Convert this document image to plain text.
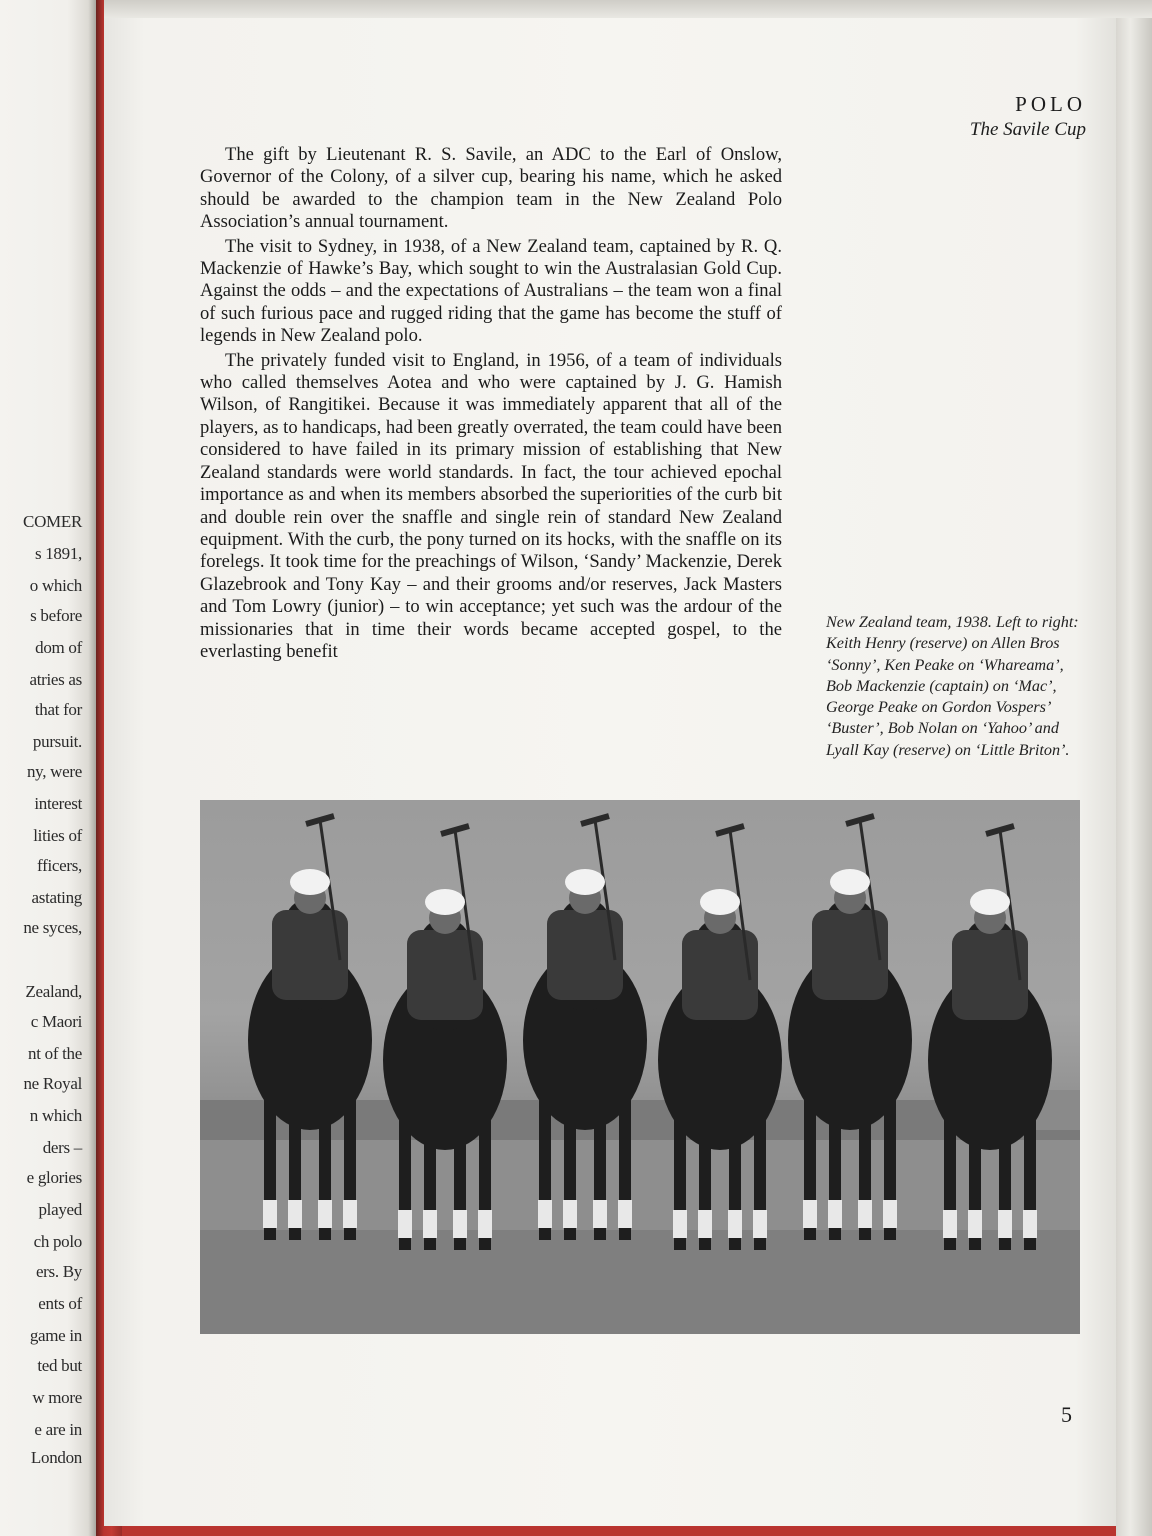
COMER
s 1891,
o which
s before
dom of
atries as
that for
pursuit.
ny, were
interest
lities of
fficers,
astating
ne syces,
Zealand,
c Maori
nt of the
ne Royal
n which
ders –
e glories
played
ch polo
ers. By
ents of
game in
ted but
w more
e are in
London
POLO
The Savile Cup

The gift by Lieutenant R. S. Savile, an ADC to the Earl of Onslow, Governor of the Colony, of a silver cup, bearing his name, which he asked should be awarded to the champion team in the New Zealand Polo Association’s annual tournament.

The visit to Sydney, in 1938, of a New Zealand team, captained by R. Q. Mackenzie of Hawke’s Bay, which sought to win the Australasian Gold Cup. Against the odds – and the expectations of Australians – the team won a final of such furious pace and rugged riding that the game has become the stuff of legends in New Zealand polo.

The privately funded visit to England, in 1956, of a team of individuals who called themselves Aotea and who were captained by J. G. Hamish Wilson, of Rangitikei. Because it was immediately apparent that all of the players, as to handicaps, had been greatly overrated, the team could have been considered to have failed in its primary mission of establishing that New Zealand standards were world standards. In fact, the tour achieved epochal importance as and when its members absorbed the superiorities of the curb bit and double rein over the snaffle and single rein of standard New Zealand equipment. With the curb, the pony turned on its hocks, with the snaffle on its forelegs. It took time for the preachings of Wilson, ‘Sandy’ Mackenzie, Derek Glazebrook and Tony Kay – and their grooms and/or reserves, Jack Masters and Tom Lowry (junior) – to win acceptance; yet such was the ardour of the missionaries that in time their words became accepted gospel, to the everlasting benefit

New Zealand team, 1938. Left to right: Keith Henry (reserve) on Allen Bros ‘Sonny’, Ken Peake on ‘Whareama’, Bob Mackenzie (captain) on ‘Mac’, George Peake on Gordon Vospers’ ‘Buster’, Bob Nolan on ‘Yahoo’ and Lyall Kay (reserve) on ‘Little Briton’.
5
